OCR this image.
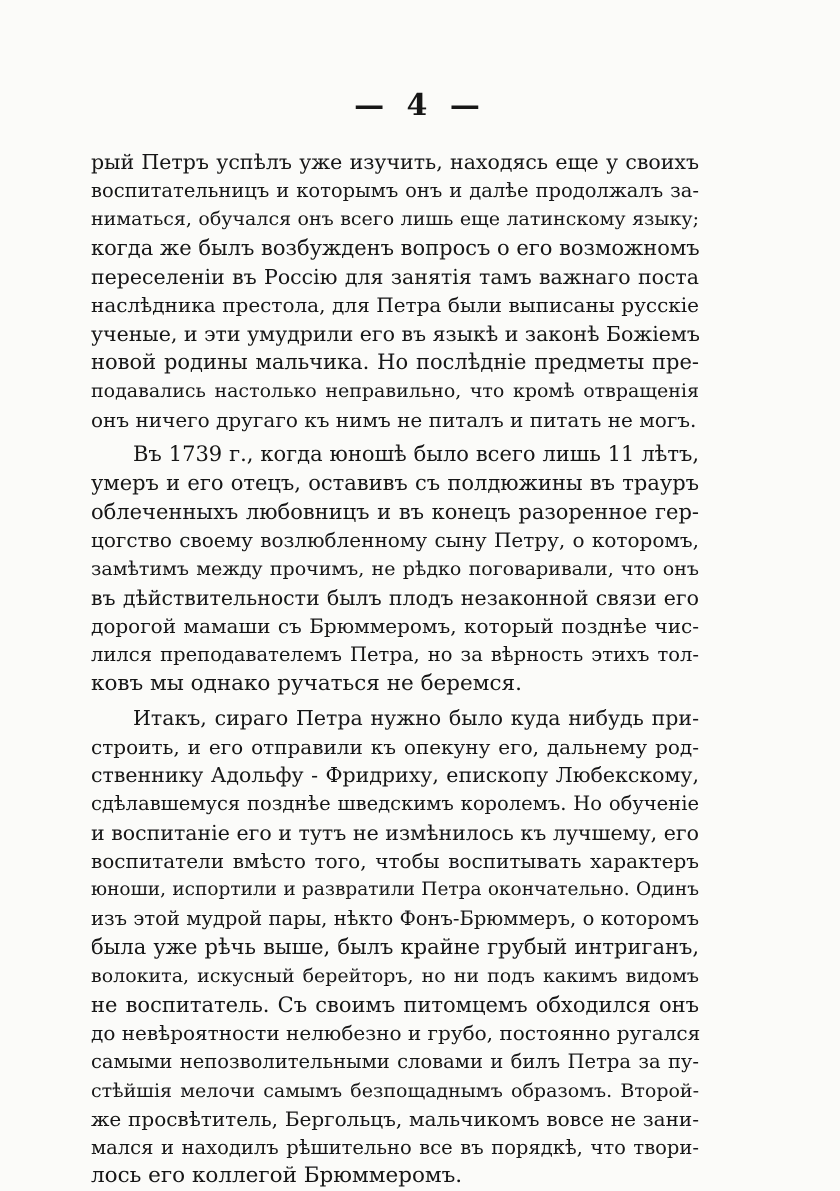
— 4 —
рый Петръ успѣлъ уже изучить, находясь еще у своихъ
воспитательницъ и которымъ онъ и далѣе продолжалъ за-
ниматься, обучался онъ всего лишь еще латинскому языку;
когда же былъ возбужденъ вопросъ о его возможномъ
переселеніи въ Россію для занятія тамъ важнаго поста
наслѣдника престола, для Петра были выписаны русскіе
ученые, и эти умудрили его въ языкѣ и законѣ Божіемъ
новой родины мальчика. Но послѣдніе предметы пре-
подавались настолько неправильно, что кромѣ отвращенія
онъ ничего другаго къ нимъ не питалъ и питать не могъ.
Въ 1739 г., когда юношѣ было всего лишь 11 лѣтъ,
умеръ и его отецъ, оставивъ съ полдюжины въ трауръ
облеченныхъ любовницъ и въ конецъ разоренное гер-
цогство своему возлюбленному сыну Петру, о которомъ,
замѣтимъ между прочимъ, не рѣдко поговаривали, что онъ
въ дѣйствительности былъ плодъ незаконной связи его
дорогой мамаши съ Брюммеромъ, который позднѣе чис-
лился преподавателемъ Петра, но за вѣрность этихъ тол-
ковъ мы однако ручаться не беремся.
Итакъ, сираго Петра нужно было куда нибудь при-
строить, и его отправили къ опекуну его, дальнему род-
ственнику Адольфу - Фридриху, епископу Любекскому,
сдѣлавшемуся позднѣе шведскимъ королемъ. Но обученіе
и воспитаніе его и тутъ не измѣнилось къ лучшему, его
воспитатели вмѣсто того, чтобы воспитывать характеръ
юноши, испортили и развратили Петра окончательно. Одинъ
изъ этой мудрой пары, нѣкто Фонъ-Брюммеръ, о которомъ
была уже рѣчь выше, былъ крайне грубый интриганъ,
волокита, искусный берейторъ, но ни подъ какимъ видомъ
не воспитатель. Съ своимъ питомцемъ обходился онъ
до невѣроятности нелюбезно и грубо, постоянно ругался
самыми непозволительными словами и билъ Петра за пу-
стѣйшія мелочи самымъ безпощаднымъ образомъ. Второй-
же просвѣтитель, Бергольцъ, мальчикомъ вовсе не зани-
мался и находилъ рѣшительно все въ порядкѣ, что твори-
лось его коллегой Брюммеромъ.
